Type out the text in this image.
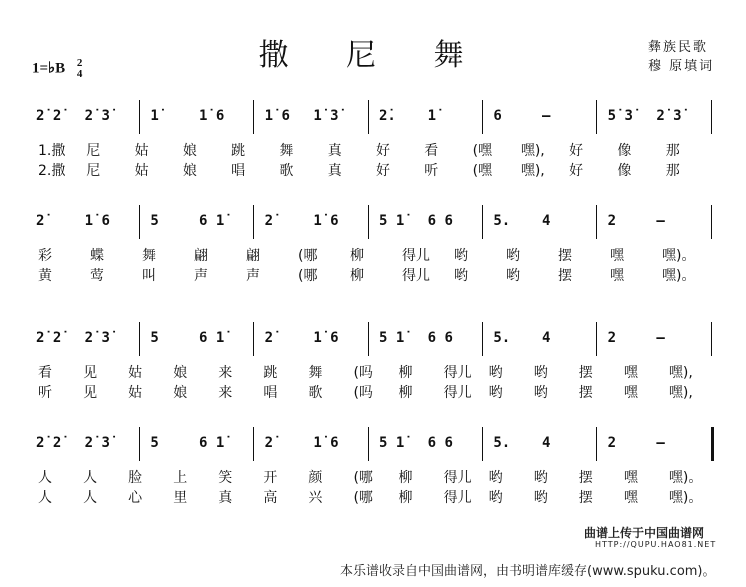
撒 尼 舞
1=♭B 2
4
彝族民歌
穆 原填词
2̇ 2̇ 2̇ 3̇	1̇	1̇ 6	1̇ 6 1̇ 3̇	2̇. 1̇	6	–	5̇ 3̇ 2̇ 3̇
1.撒 尼 姑 娘 跳 舞 真 好 看 (嘿 嘿), 好 像 那
2.撒 尼 姑 娘 唱 歌 真 好 听 (嘿 嘿), 好 像 那
2̇	1̇ 6	5	6 1̇	2̇	1̇ 6	5 1̇ 6 6	5. 4	2	–
彩	蝶	舞	翩	翩	(哪 柳	得儿 哟	哟	摆	嘿	嘿)。
黄	莺	叫	声	声	(哪 柳	得儿 哟	哟	摆	嘿	嘿)。
2̇ 2̇ 2̇ 3̇	5	6 1̇	2̇	1̇ 6	5 1̇ 6 6	5. 4	2	–
看 见 姑 娘 来 跳 舞 (吗 柳 得儿 哟 哟 摆 嘿 嘿),
听 见 姑 娘 来 唱 歌 (吗 柳 得儿 哟 哟 摆 嘿 嘿),
2̇ 2̇ 2̇ 3̇	5	6 1̇	2̇	1̇ 6	5 1̇ 6 6	5. 4	2	–
人 人 脸 上 笑 开 颜 (哪 柳 得儿 哟 哟 摆 嘿 嘿)。
人 人 心 里 真 高 兴 (哪 柳 得儿 哟 哟 摆 嘿 嘿)。
曲谱上传于中国曲谱网
HTTP://QUPU.HAO81.NET
本乐谱收录自中国曲谱网，由书明谱库缓存(www.spuku.com)。
